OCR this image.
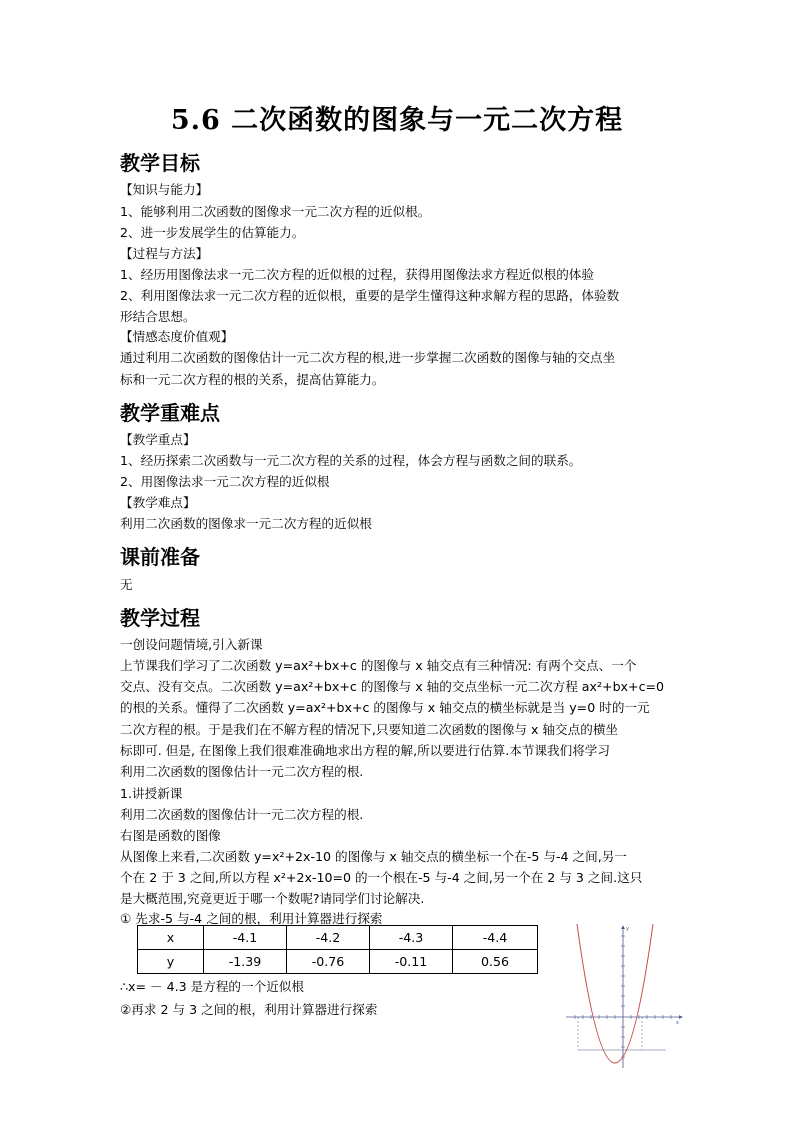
5.6 二次函数的图象与一元二次方程
教学目标
【知识与能力】
1、能够利用二次函数的图像求一元二次方程的近似根。
2、进一步发展学生的估算能力。
【过程与方法】
1、经历用图像法求一元二次方程的近似根的过程，获得用图像法求方程近似根的体验
2、利用图像法求一元二次方程的近似根，重要的是学生懂得这种求解方程的思路，体验数
形结合思想。
【情感态度价值观】
通过利用二次函数的图像估计一元二次方程的根,进一步掌握二次函数的图像与轴的交点坐
标和一元二次方程的根的关系，提高估算能力。
教学重难点
【教学重点】
1、经历探索二次函数与一元二次方程的关系的过程，体会方程与函数之间的联系。
2、用图像法求一元二次方程的近似根
【教学难点】
利用二次函数的图像求一元二次方程的近似根
课前准备
无
教学过程
一创设问题情境,引入新课
上节课我们学习了二次函数 y=ax²+bx+c 的图像与 x 轴交点有三种情况: 有两个交点、一个
交点、没有交点。二次函数 y=ax²+bx+c 的图像与 x 轴的交点坐标一元二次方程 ax²+bx+c=0
的根的关系。懂得了二次函数 y=ax²+bx+c 的图像与 x 轴交点的横坐标就是当 y=0 时的一元
二次方程的根。于是我们在不解方程的情况下,只要知道二次函数的图像与 x 轴交点的横坐
标即可. 但是, 在图像上我们很难准确地求出方程的解,所以要进行估算.本节课我们将学习
利用二次函数的图像估计一元二次方程的根.
1.讲授新课
利用二次函数的图像估计一元二次方程的根.
右图是函数的图像
从图像上来看,二次函数 y=x²+2x-10 的图像与 x 轴交点的横坐标一个在-5 与-4 之间,另一
个在 2 于 3 之间,所以方程 x²+2x-10=0 的一个根在-5 与-4 之间,另一个在 2 与 3 之间.这只
是大概范围,究竟更近于哪一个数呢?请同学们讨论解决.
① 先求-5 与-4 之间的根，利用计算器进行探索
x	-4.1	-4.2	-4.3	-4.4
y	-1.39	-0.76	-0.11	0.56
∴x= － 4.3 是方程的一个近似根
②再求 2 与 3 之间的根，利用计算器进行探索
x
y
